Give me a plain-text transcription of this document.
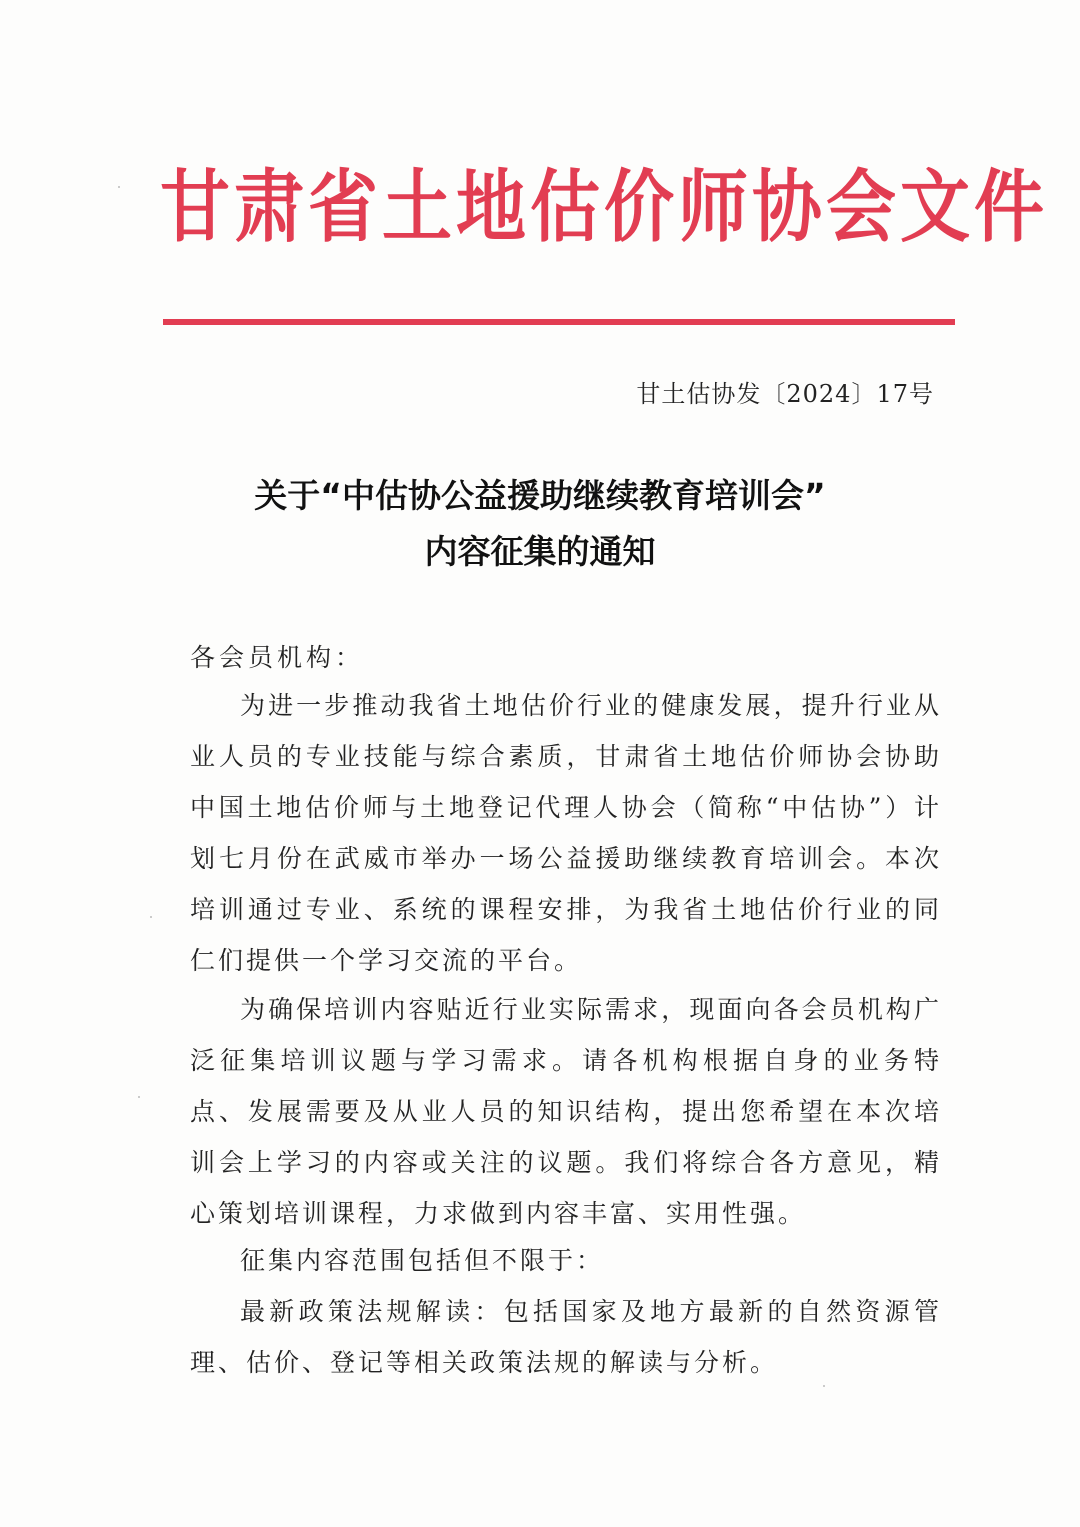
甘肃省土地估价师协会文件
甘土估协发〔2024〕17号
关于“中估协公益援助继续教育培训会”
内容征集的通知
各会员机构：
为进一步推动我省土地估价行业的健康发展，提升行业从业人员的专业技能与综合素质，甘肃省土地估价师协会协助中国土地估价师与土地登记代理人协会（简称“中估协”）计划七月份在武威市举办一场公益援助继续教育培训会。本次培训通过专业、系统的课程安排，为我省土地估价行业的同仁们提供一个学习交流的平台。
为确保培训内容贴近行业实际需求，现面向各会员机构广泛征集培训议题与学习需求。请各机构根据自身的业务特点、发展需要及从业人员的知识结构，提出您希望在本次培训会上学习的内容或关注的议题。我们将综合各方意见，精心策划培训课程，力求做到内容丰富、实用性强。
征集内容范围包括但不限于：
最新政策法规解读：包括国家及地方最新的自然资源管理、估价、登记等相关政策法规的解读与分析。
